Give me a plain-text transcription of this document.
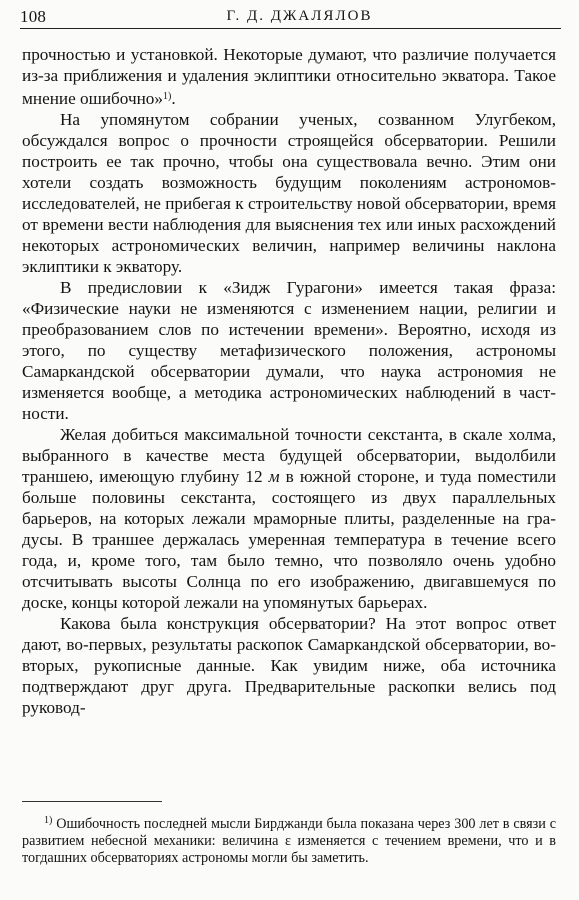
108	Г. Д. ДЖАЛЯЛОВ

прочностью и установкой. Некоторые думают, что различие получается из-за приближения и удаления эклиптики относительно экватора. Такое мнение ошибочно»$^{1)}$.

На упомянутом собрании ученых, созванном Улугбеком, обсуждался вопрос о прочности строящейся обсерватории. Решили построить ее так прочно, чтобы она существовала вечно. Этим они хотели создать возможность будущим поколениям астрономов-исследователей, не прибегая к строительству новой обсерватории, время от времени вести наблюдения для выяснения тех или иных расхождений некоторых астрономических величин, например величины наклона эклиптики к экватору.

В предисловии к «Зидж Гурагони» имеется такая фраза: «Физические науки не изменяются с изменением нации, религии и преобразованием слов по истечении времени». Вероятно, исходя из этого, по существу метафизического положения, астрономы Самаркандской обсерватории думали, что наука астрономия не изменяется вообще, а методика астрономических наблюдений в частности.

Желая добиться максимальной точности секстанта, в скале холма, выбранного в качестве места будущей обсерватории, выдолбили траншею, имеющую глубину 12 м в южной стороне, и туда поместили больше половины секстанта, состоящего из двух параллельных барьеров, на которых лежали мраморные плиты, разделенные на градусы. В траншее держалась умеренная температура в течение всего года, и, кроме того, там было темно, что позволяло очень удобно отсчитывать высоты Солнца по его изображению, двигавшемуся по доске, концы которой лежали на упомянутых барьерах.

Какова была конструкция обсерватории? На этот вопрос ответ дают, во-первых, результаты раскопок Самаркандской обсерватории, во-вторых, рукописные данные. Как увидим ниже, оба источника подтверждают друг друга. Предварительные раскопки велись под руковод-

$^{1)}$ Ошибочность последней мысли Бирджанди была показана через 300 лет в связи с развитием небесной механики: величина ε изменяется с течением времени, что и в тогдашних обсерваториях астрономы могли бы заметить.
